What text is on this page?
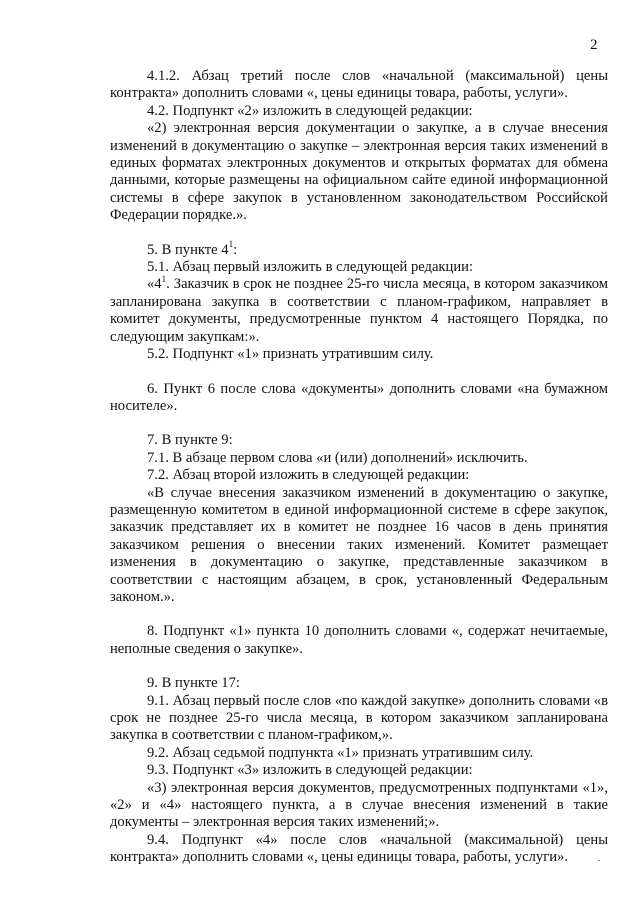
2

4.1.2. Абзац третий после слов «начальной (максимальной) цены контракта» дополнить словами «, цены единицы товара, работы, услуги».

4.2. Подпункт «2» изложить в следующей редакции:

«2) электронная версия документации о закупке, а в случае внесения изменений в документацию о закупке – электронная версия таких изменений в единых форматах электронных документов и открытых форматах для обмена данными, которые размещены на официальном сайте единой информационной системы в сфере закупок в установленном законодательством Российской Федерации порядке.».

5. В пункте $4^1$:

5.1. Абзац первый изложить в следующей редакции:

«$4^1$. Заказчик в срок не позднее 25-го числа месяца, в котором заказчиком запланирована закупка в соответствии с планом-графиком, направляет в комитет документы, предусмотренные пунктом 4 настоящего Порядка, по следующим закупкам:».

5.2. Подпункт «1» признать утратившим силу.

6. Пункт 6 после слова «документы» дополнить словами «на бумажном носителе».

7. В пункте 9:

7.1. В абзаце первом слова «и (или) дополнений» исключить.

7.2. Абзац второй изложить в следующей редакции:

«В случае внесения заказчиком изменений в документацию о закупке, размещенную комитетом в единой информационной системе в сфере закупок, заказчик представляет их в комитет не позднее 16 часов в день принятия заказчиком решения о внесении таких изменений. Комитет размещает изменения в документацию о закупке, представленные заказчиком в соответствии с настоящим абзацем, в срок, установленный Федеральным законом.».

8. Подпункт «1» пункта 10 дополнить словами «, содержат нечитаемые, неполные сведения о закупке».

9. В пункте 17:

9.1. Абзац первый после слов «по каждой закупке» дополнить словами «в срок не позднее 25-го числа месяца, в котором заказчиком запланирована закупка в соответствии с планом-графиком,».

9.2. Абзац седьмой подпункта «1» признать утратившим силу.

9.3. Подпункт «3» изложить в следующей редакции:

«3) электронная версия документов, предусмотренных подпунктами «1», «2» и «4» настоящего пункта, а в случае внесения изменений в такие документы – электронная версия таких изменений;».

9.4. Подпункт «4» после слов «начальной (максимальной) цены контракта» дополнить словами «, цены единицы товара, работы, услуги».
